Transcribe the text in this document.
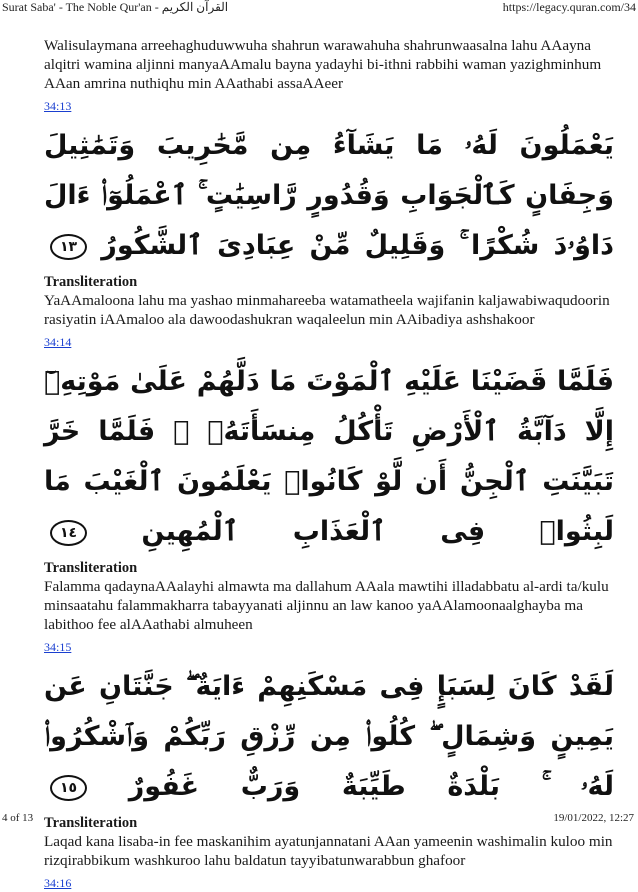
Surat Saba' - The Noble Qur'an - القرآن الكريم	https://legacy.quran.com/34

Walisulaymana arreehaghuduwwuha shahrun warawahuha shahrunwaasalna lahu AAayna alqitri wamina aljinni manyaAAmalu bayna yadayhi bi-ithni rabbihi waman yazighminhum AAan amrina nuthiqhu min AAathabi assaAAeer

34:13
يَعْمَلُونَ لَهُۥ مَا يَشَآءُ مِن مَّحَٰرِيبَ وَتَمَٰثِيلَ وَجِفَانٍ كَٱلْجَوَابِ وَقُدُورٍ رَّاسِيَٰتٍ ۚ ٱعْمَلُوٓا۟ ءَالَ دَاوُۥدَ شُكْرًا ۚ وَقَلِيلٌ مِّنْ عِبَادِىَ ٱلشَّكُورُ ١٣
Transliteration

YaAAmaloona lahu ma yashao minmahareeba watamatheela wajifanin kaljawabiwaqudoorin rasiyatin iAAmaloo ala dawoodashukran waqaleelun min AAibadiya ashshakoor

34:14
فَلَمَّا قَضَيْنَا عَلَيْهِ ٱلْمَوْتَ مَا دَلَّهُمْ عَلَىٰ مَوْتِهِۦٓ إِلَّا دَآبَّةُ ٱلْأَرْضِ تَأْكُلُ مِنسَأَتَهُۥ ۖ فَلَمَّا خَرَّ تَبَيَّنَتِ ٱلْجِنُّ أَن لَّوْ كَانُوا۟ يَعْلَمُونَ ٱلْغَيْبَ مَا لَبِثُوا۟ فِى ٱلْعَذَابِ ٱلْمُهِينِ ١٤
Transliteration

Falamma qadaynaAAalayhi almawta ma dallahum AAala mawtihi illadabbatu al-ardi ta/kulu minsaatahu falammakharra tabayyanati aljinnu an law kanoo yaAAlamoonaalghayba ma labithoo fee alAAathabi almuheen

34:15
لَقَدْ كَانَ لِسَبَإٍ فِى مَسْكَنِهِمْ ءَايَةٌ ۖ جَنَّتَانِ عَن يَمِينٍ وَشِمَالٍ ۖ كُلُوا۟ مِن رِّزْقِ رَبِّكُمْ وَٱشْكُرُوا۟ لَهُۥ ۚ بَلْدَةٌ طَيِّبَةٌ وَرَبٌّ غَفُورٌ ١٥
Transliteration

Laqad kana lisaba-in fee maskanihim ayatunjannatani AAan yameenin washimalin kuloo min rizqirabbikum washkuroo lahu baldatun tayyibatunwarabbun ghafoor

34:16
4 of 13	19/01/2022, 12:27
